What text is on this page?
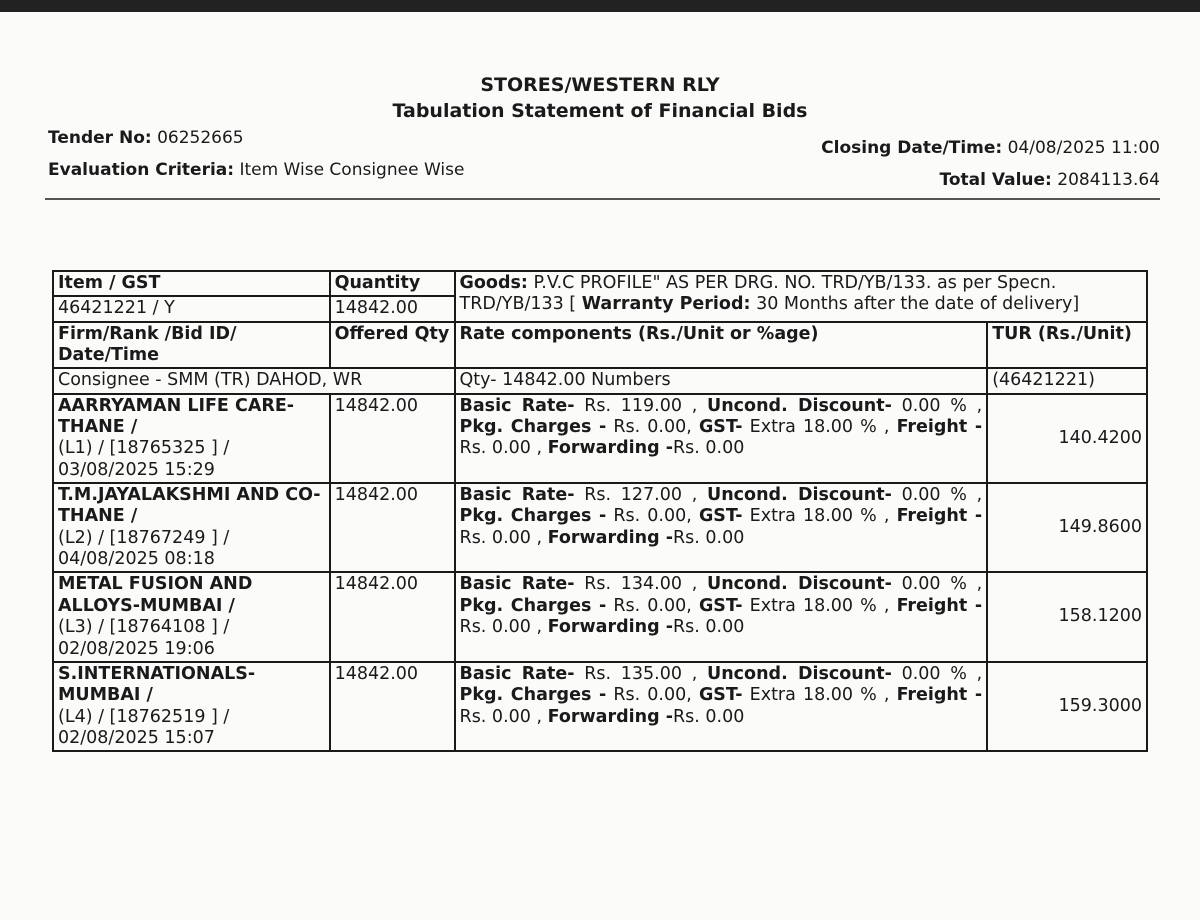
STORES/WESTERN RLY
Tabulation Statement of Financial Bids
Tender No: 06252665
Evaluation Criteria: Item Wise Consignee Wise
Closing Date/Time: 04/08/2025 11:00
Total Value: 2084113.64
Item / GST	Quantity	Goods: P.V.C PROFILE" AS PER DRG. NO. TRD/YB/133. as per Specn. TRD/YB/133 [ Warranty Period: 30 Months after the date of delivery]	
46421221 / Y	14842.00		
Firm/Rank /Bid ID/ Date/Time	Offered Qty	Rate components (Rs./Unit or %age)	TUR (Rs./Unit)
Consignee - SMM (TR) DAHOD, WR		Qty- 14842.00 Numbers	(46421221)

AARRYAMAN LIFE CARE-THANE /
(L1) / [18765325 ] /
03/08/2025 15:29	14842.00	Basic Rate- Rs. 119.00 , Uncond. Discount- 0.00 % , Pkg. Charges - Rs. 0.00, GST- Extra 18.00 % , Freight - Rs. 0.00 , Forwarding -Rs. 0.00	140.4200

T.M.JAYALAKSHMI AND CO-THANE /
(L2) / [18767249 ] /
04/08/2025 08:18	14842.00	Basic Rate- Rs. 127.00 , Uncond. Discount- 0.00 % , Pkg. Charges - Rs. 0.00, GST- Extra 18.00 % , Freight - Rs. 0.00 , Forwarding -Rs. 0.00	149.8600

METAL FUSION AND ALLOYS-MUMBAI /
(L3) / [18764108 ] /
02/08/2025 19:06	14842.00	Basic Rate- Rs. 134.00 , Uncond. Discount- 0.00 % , Pkg. Charges - Rs. 0.00, GST- Extra 18.00 % , Freight - Rs. 0.00 , Forwarding -Rs. 0.00	158.1200

S.INTERNATIONALS-MUMBAI /
(L4) / [18762519 ] /
02/08/2025 15:07	14842.00	Basic Rate- Rs. 135.00 , Uncond. Discount- 0.00 % , Pkg. Charges - Rs. 0.00, GST- Extra 18.00 % , Freight - Rs. 0.00 , Forwarding -Rs. 0.00	159.3000
